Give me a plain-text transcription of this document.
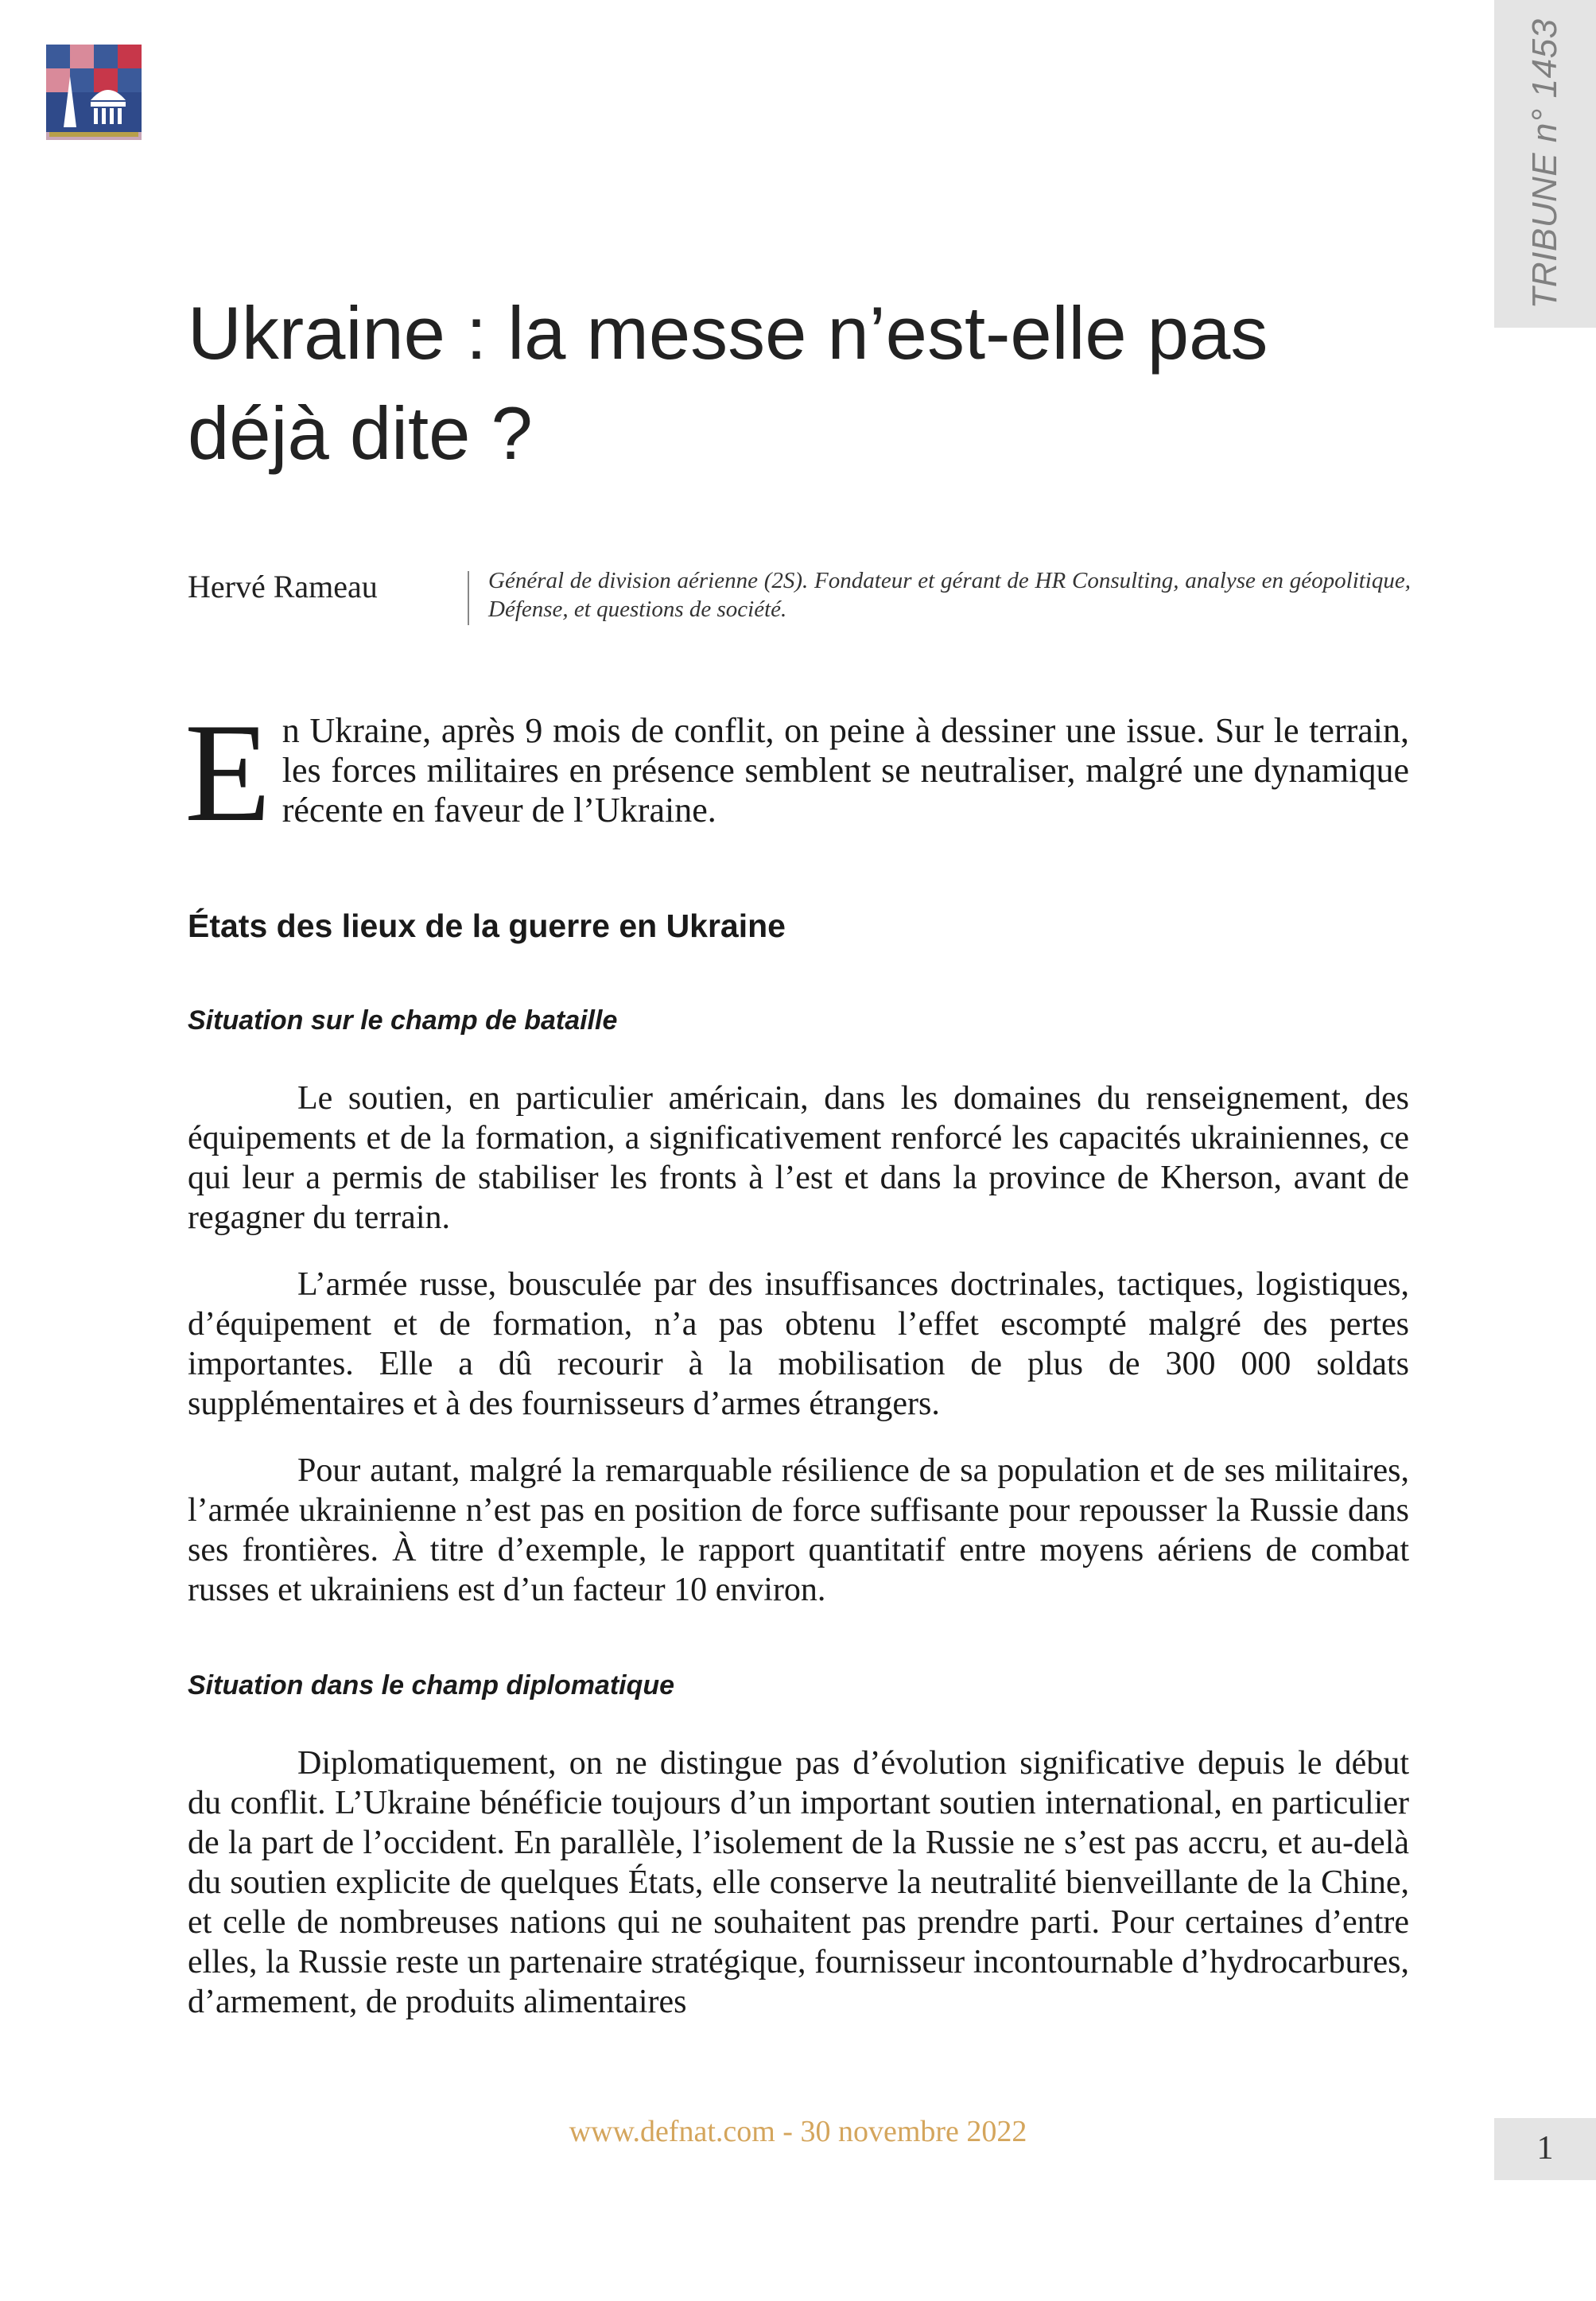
TRIBUNE n° 1453
Ukraine : la messe n’est-elle pas déjà dite ?
Hervé Rameau	Général de division aérienne (2S). Fondateur et gérant de HR Consulting, analyse en géopolitique, Défense, et questions de société.

En Ukraine, après 9 mois de conflit, on peine à dessiner une issue. Sur le terrain, les forces militaires en présence semblent se neutraliser, malgré une dynamique récente en faveur de l’Ukraine.

États des lieux de la guerre en Ukraine
Situation sur le champ de bataille

Le soutien, en particulier américain, dans les domaines du renseignement, des équipements et de la formation, a significativement renforcé les capacités ukrainiennes, ce qui leur a permis de stabiliser les fronts à l’est et dans la province de Kherson, avant de regagner du terrain.

L’armée russe, bousculée par des insuffisances doctrinales, tactiques, logistiques, d’équipement et de formation, n’a pas obtenu l’effet escompté malgré des pertes importantes. Elle a dû recourir à la mobilisation de plus de 300 000 soldats supplémentaires et à des fournisseurs d’armes étrangers.

Pour autant, malgré la remarquable résilience de sa population et de ses militaires, l’armée ukrainienne n’est pas en position de force suffisante pour repousser la Russie dans ses frontières. À titre d’exemple, le rapport quantitatif entre moyens aériens de combat russes et ukrainiens est d’un facteur 10 environ.

Situation dans le champ diplomatique

Diplomatiquement, on ne distingue pas d’évolution significative depuis le début du conflit. L’Ukraine bénéficie toujours d’un important soutien international, en particulier de la part de l’occident. En parallèle, l’isolement de la Russie ne s’est pas accru, et au-delà du soutien explicite de quelques États, elle conserve la neutralité bienveillante de la Chine, et celle de nombreuses nations qui ne souhaitent pas prendre parti. Pour certaines d’entre elles, la Russie reste un partenaire stratégique, fournisseur incontournable d’hydrocarbures, d’armement, de produits alimentaires

www.defnat.com - 30 novembre 2022	1
